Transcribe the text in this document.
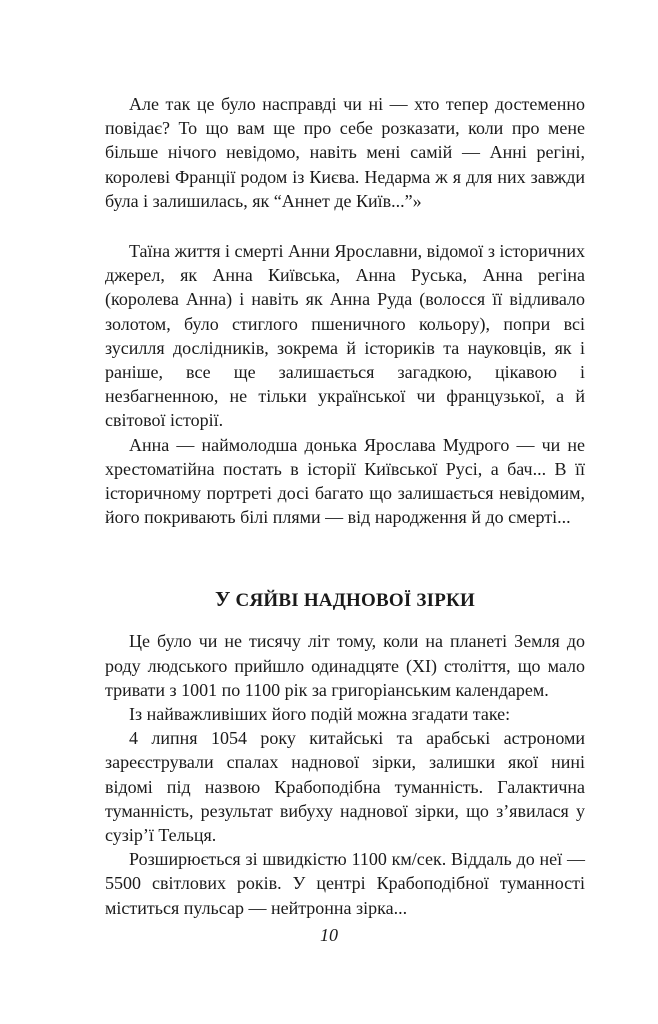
Але так це було насправді чи ні — хто тепер достеменно повідає? То що вам ще про себе розказати, коли про мене більше нічого невідомо, навіть мені самій — Анні регіні, королеві Франції родом із Києва. Недарма ж я для них завжди була і залишилась, як “Аннет де Київ...”»

Таїна життя і смерті Анни Ярославни, відомої з історичних джерел, як Анна Київська, Анна Руська, Анна регіна (королева Анна) і навіть як Анна Руда (волосся її відливало золотом, було стиглого пшеничного кольору), попри всі зусилля дослідників, зокрема й істориків та науковців, як і раніше, все ще залишається загадкою, цікавою і незбагненною, не тільки української чи французької, а й світової історії.

Анна — наймолодша донька Ярослава Мудрого — чи не хрестоматійна постать в історії Київської Русі, а бач... В її історичному портреті досі багато що залишається невідомим, його покривають білі плями — від народження й до смерті...

У СЯЙВІ НАДНОВОЇ ЗІРКИ

Це було чи не тисячу літ тому, коли на планеті Земля до роду людського прийшло одинадцяте (XI) століття, що мало тривати з 1001 по 1100 рік за григоріанським календарем.

Із найважливіших його подій можна згадати таке:

4 липня 1054 року китайські та арабські астрономи зареєстрували спалах наднової зірки, залишки якої нині відомі під назвою Крабоподібна туманність. Галактична туманність, результат вибуху наднової зірки, що з’явилася у сузір’ї Тельця.

Розширюється зі швидкістю 1100 км/сек. Віддаль до неї — 5500 світлових років. У центрі Крабоподібної туманності міститься пульсар — нейтронна зірка...

10
